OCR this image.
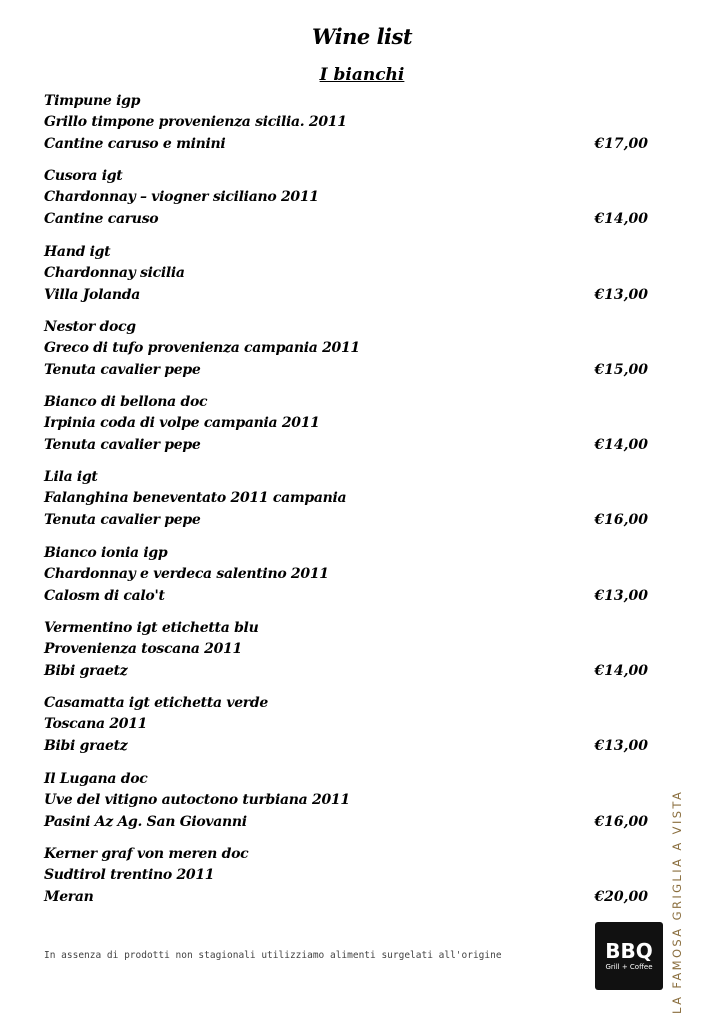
Wine list
I bianchi
Timpune igp
Grillo timpone provenienza sicilia. 2011
Cantine caruso e minini	€17,00
Cusora igt
Chardonnay – viogner siciliano 2011
Cantine caruso	€14,00
Hand igt
Chardonnay sicilia
Villa Jolanda	€13,00
Nestor docg
Greco di tufo provenienza campania 2011
Tenuta cavalier pepe	€15,00
Bianco di bellona doc
Irpinia coda di volpe campania 2011
Tenuta cavalier pepe	€14,00
Lila igt
Falanghina beneventato 2011 campania
Tenuta cavalier pepe	€16,00
Bianco ionia igp
Chardonnay e verdeca salentino 2011
Calosm di calo't	€13,00
Vermentino igt etichetta blu
Provenienza toscana 2011
Bibi graetz	€14,00
Casamatta igt etichetta verde
Toscana 2011
Bibi graetz	€13,00
Il Lugana doc
Uve del vitigno autoctono turbiana 2011
Pasini Az Ag. San Giovanni	€16,00
Kerner graf von meren doc
Sudtirol trentino 2011
Meran	€20,00
In assenza di prodotti non stagionali utilizziamo alimenti surgelati all'origine	BBQ
Grill + Coffee LA FAMOSA GRIGLIA A VISTA
